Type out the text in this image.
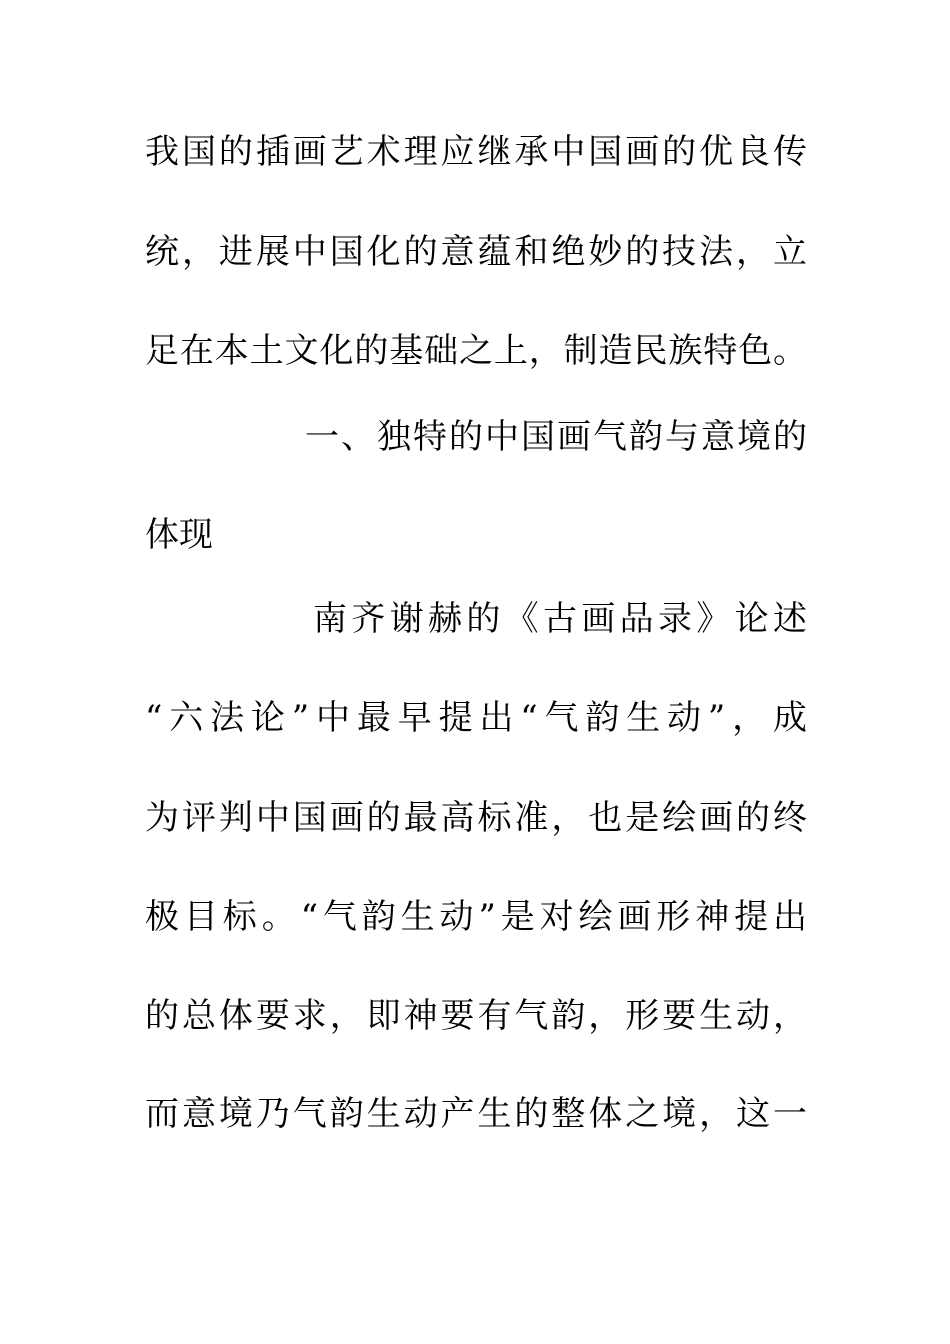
我国的插画艺术理应继承中国画的优良传

统，进展中国化的意蕴和绝妙的技法，立

足在本土文化的基础之上，制造民族特色。

一、独特的中国画气韵与意境的

体现

南齐谢赫的《古画品录》论述

“六法论”中最早提出“气韵生动”，成

为评判中国画的最高标准，也是绘画的终

极目标。“气韵生动”是对绘画形神提出

的总体要求，即神要有气韵，形要生动，

而意境乃气韵生动产生的整体之境，这一
